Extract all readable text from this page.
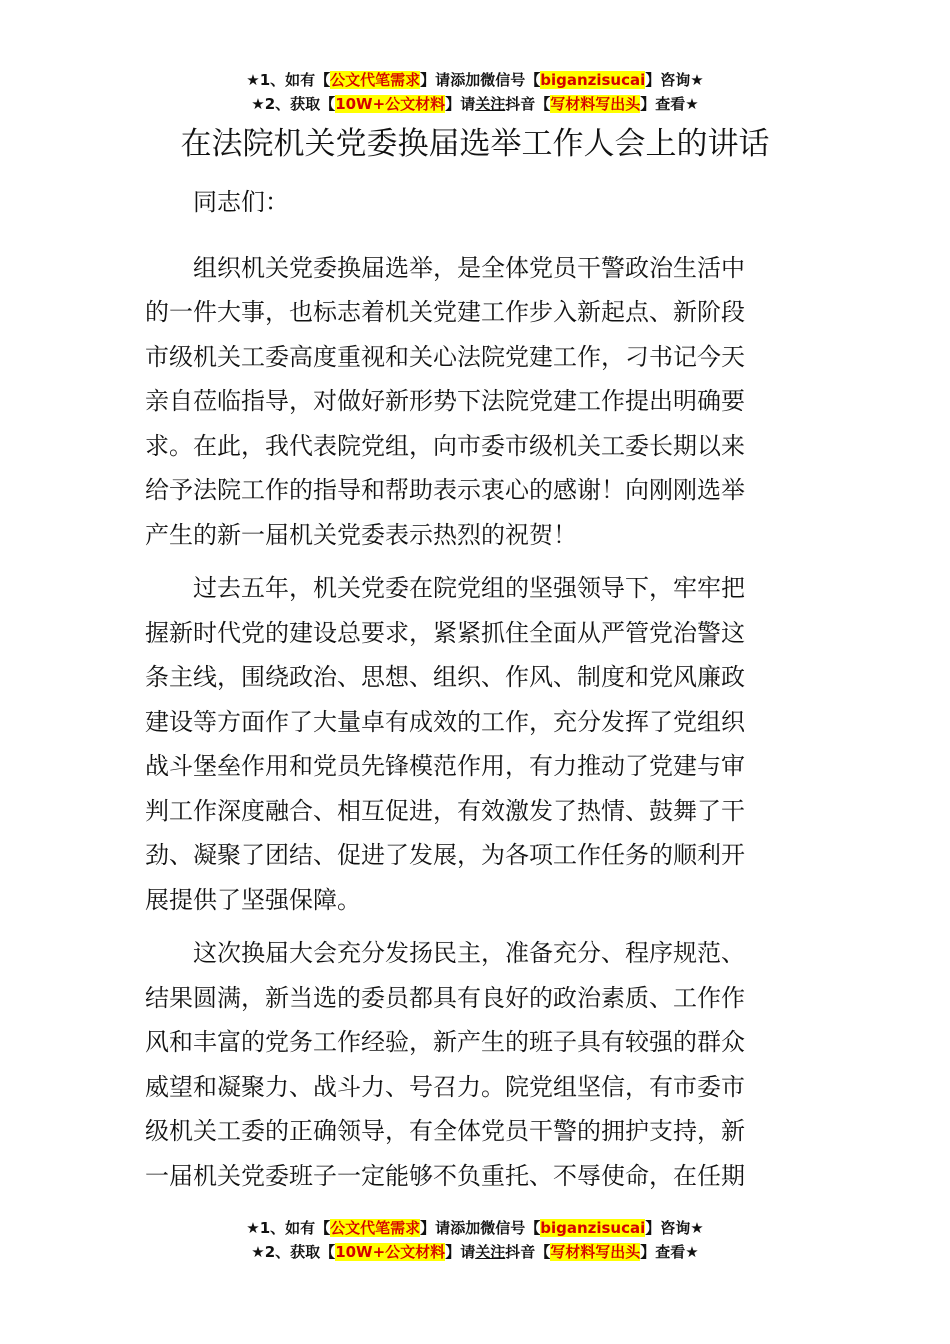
★1、如有【公文代笔需求】请添加微信号【biganzisucai】咨询★
★2、获取【10W+公文材料】请关注抖音【写材料写出头】查看★
在法院机关党委换届选举工作人会上的讲话

同志们：

组织机关党委换届选举，是全体党员干警政治生活中
的一件大事，也标志着机关党建工作步入新起点、新阶段
市级机关工委高度重视和关心法院党建工作，刁书记今天
亲自莅临指导，对做好新形势下法院党建工作提出明确要
求。在此，我代表院党组，向市委市级机关工委长期以来
给予法院工作的指导和帮助表示衷心的感谢！向刚刚选举
产生的新一届机关党委表示热烈的祝贺！

过去五年，机关党委在院党组的坚强领导下，牢牢把
握新时代党的建设总要求，紧紧抓住全面从严管党治警这
条主线，围绕政治、思想、组织、作风、制度和党风廉政
建设等方面作了大量卓有成效的工作，充分发挥了党组织
战斗堡垒作用和党员先锋模范作用，有力推动了党建与审
判工作深度融合、相互促进，有效激发了热情、鼓舞了干
劲、凝聚了团结、促进了发展，为各项工作任务的顺利开
展提供了坚强保障。

这次换届大会充分发扬民主，准备充分、程序规范、
结果圆满，新当选的委员都具有良好的政治素质、工作作
风和丰富的党务工作经验，新产生的班子具有较强的群众
威望和凝聚力、战斗力、号召力。院党组坚信，有市委市
级机关工委的正确领导，有全体党员干警的拥护支持，新
一届机关党委班子一定能够不负重托、不辱使命，在任期

★1、如有【公文代笔需求】请添加微信号【biganzisucai】咨询★
★2、获取【10W+公文材料】请关注抖音【写材料写出头】查看★
